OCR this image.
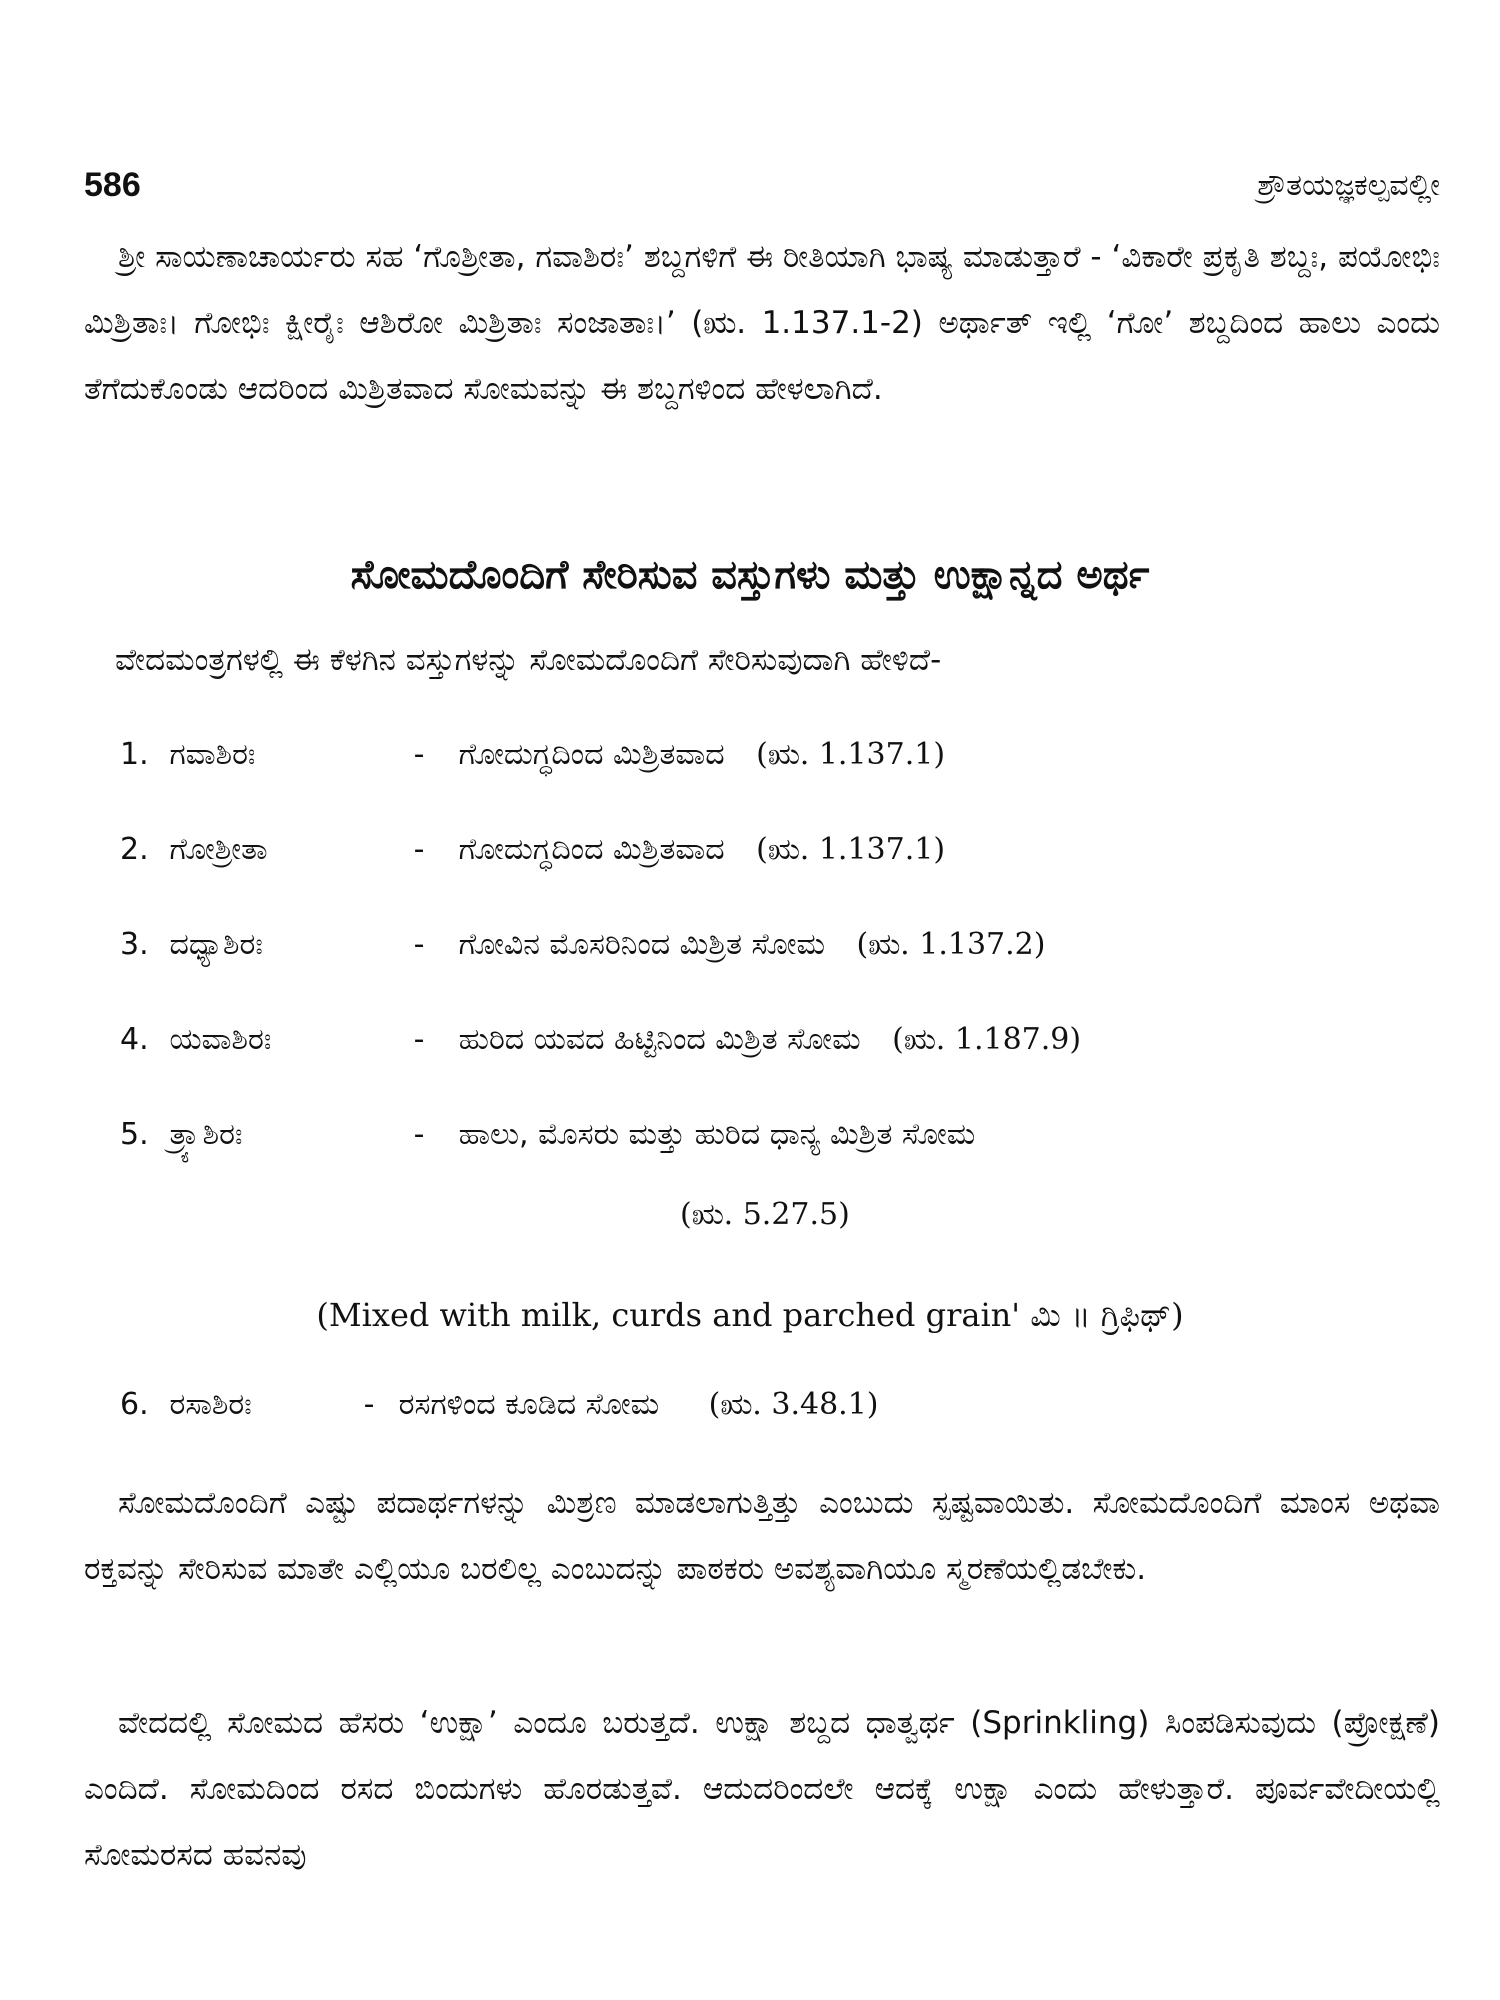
586	ಶ್ರೌತಯಜ್ಞಕಲ್ಪವಲ್ಲೀ
ಶ್ರೀ ಸಾಯಣಾಚಾರ್ಯರು ಸಹ ‘ಗೊಶ್ರೀತಾ, ಗವಾಶಿರಃ’ ಶಬ್ದಗಳಿಗೆ ಈ ರೀತಿಯಾಗಿ ಭಾಷ್ಯ ಮಾಡುತ್ತಾರೆ - ‘ವಿಕಾರೇ ಪ್ರಕೃತಿ ಶಬ್ದಃ, ಪಯೋಭಿಃ ಮಿಶ್ರಿತಾಃ। ಗೋಭಿಃ ಕ್ಷೀರೈಃ ಆಶಿರೋ ಮಿಶ್ರಿತಾಃ ಸಂಜಾತಾಃ।’ (ಋ. 1.137.1-2) ಅರ್ಥಾತ್ ಇಲ್ಲಿ ‘ಗೋ’ ಶಬ್ದದಿಂದ ಹಾಲು ಎಂದು ತೆಗೆದುಕೊಂಡು ಆದರಿಂದ ಮಿಶ್ರಿತವಾದ ಸೋಮವನ್ನು ಈ ಶಬ್ದಗಳಿಂದ ಹೇಳಲಾಗಿದೆ.
ಸೋಮದೊಂದಿಗೆ ಸೇರಿಸುವ ವಸ್ತುಗಳು ಮತ್ತು ಉಕ್ಷಾನ್ನದ ಅರ್ಥ
ವೇದಮಂತ್ರಗಳಲ್ಲಿ ಈ ಕೆಳಗಿನ ವಸ್ತುಗಳನ್ನು ಸೋಮದೊಂದಿಗೆ ಸೇರಿಸುವುದಾಗಿ ಹೇಳಿದೆ-
1. ಗವಾಶಿರಃ	- ಗೋದುಗ್ಧದಿಂದ ಮಿಶ್ರಿತವಾದ (ಋ. 1.137.1)
2. ಗೋಶ್ರೀತಾ	- ಗೋದುಗ್ಧದಿಂದ ಮಿಶ್ರಿತವಾದ (ಋ. 1.137.1)
3. ದಧ್ಯಾಶಿರಃ	- ಗೋವಿನ ಮೊಸರಿನಿಂದ ಮಿಶ್ರಿತ ಸೋಮ (ಋ. 1.137.2)
4. ಯವಾಶಿರಃ	- ಹುರಿದ ಯವದ ಹಿಟ್ಟಿನಿಂದ ಮಿಶ್ರಿತ ಸೋಮ (ಋ. 1.187.9)
5. ತ್ರ್ಯಾಶಿರಃ	- ಹಾಲು, ಮೊಸರು ಮತ್ತು ಹುರಿದ ಧಾನ್ಯ ಮಿಶ್ರಿತ ಸೋಮ
(ಋ. 5.27.5)
(Mixed with milk, curds and parched grain' ಮಿ ॥ ಗ್ರಿಫಿಥ್)
6. ರಸಾಶಿರಃ	- ರಸಗಳಿಂದ ಕೂಡಿದ ಸೋಮ (ಋ. 3.48.1)
ಸೋಮದೊಂದಿಗೆ ಎಷ್ಟು ಪದಾರ್ಥಗಳನ್ನು ಮಿಶ್ರಣ ಮಾಡಲಾಗುತ್ತಿತ್ತು ಎಂಬುದು ಸ್ಪಷ್ಟವಾಯಿತು. ಸೋಮದೊಂದಿಗೆ ಮಾಂಸ ಅಥವಾ ರಕ್ತವನ್ನು ಸೇರಿಸುವ ಮಾತೇ ಎಲ್ಲಿಯೂ ಬರಲಿಲ್ಲ ಎಂಬುದನ್ನು ಪಾಠಕರು ಅವಶ್ಯವಾಗಿಯೂ ಸ್ಮರಣೆಯಲ್ಲಿಡಬೇಕು.
ವೇದದಲ್ಲಿ ಸೋಮದ ಹೆಸರು ‘ಉಕ್ಷಾ’ ಎಂದೂ ಬರುತ್ತದೆ. ಉಕ್ಷಾ ಶಬ್ದದ ಧಾತ್ವರ್ಥ (Sprinkling) ಸಿಂಪಡಿಸುವುದು (ಪ್ರೋಕ್ಷಣೆ) ಎಂದಿದೆ. ಸೋಮದಿಂದ ರಸದ ಬಿಂದುಗಳು ಹೊರಡುತ್ತವೆ. ಆದುದರಿಂದಲೇ ಆದಕ್ಕೆ ಉಕ್ಷಾ ಎಂದು ಹೇಳುತ್ತಾರೆ. ಪೂರ್ವವೇದೀಯಲ್ಲಿ ಸೋಮರಸದ ಹವನವು
